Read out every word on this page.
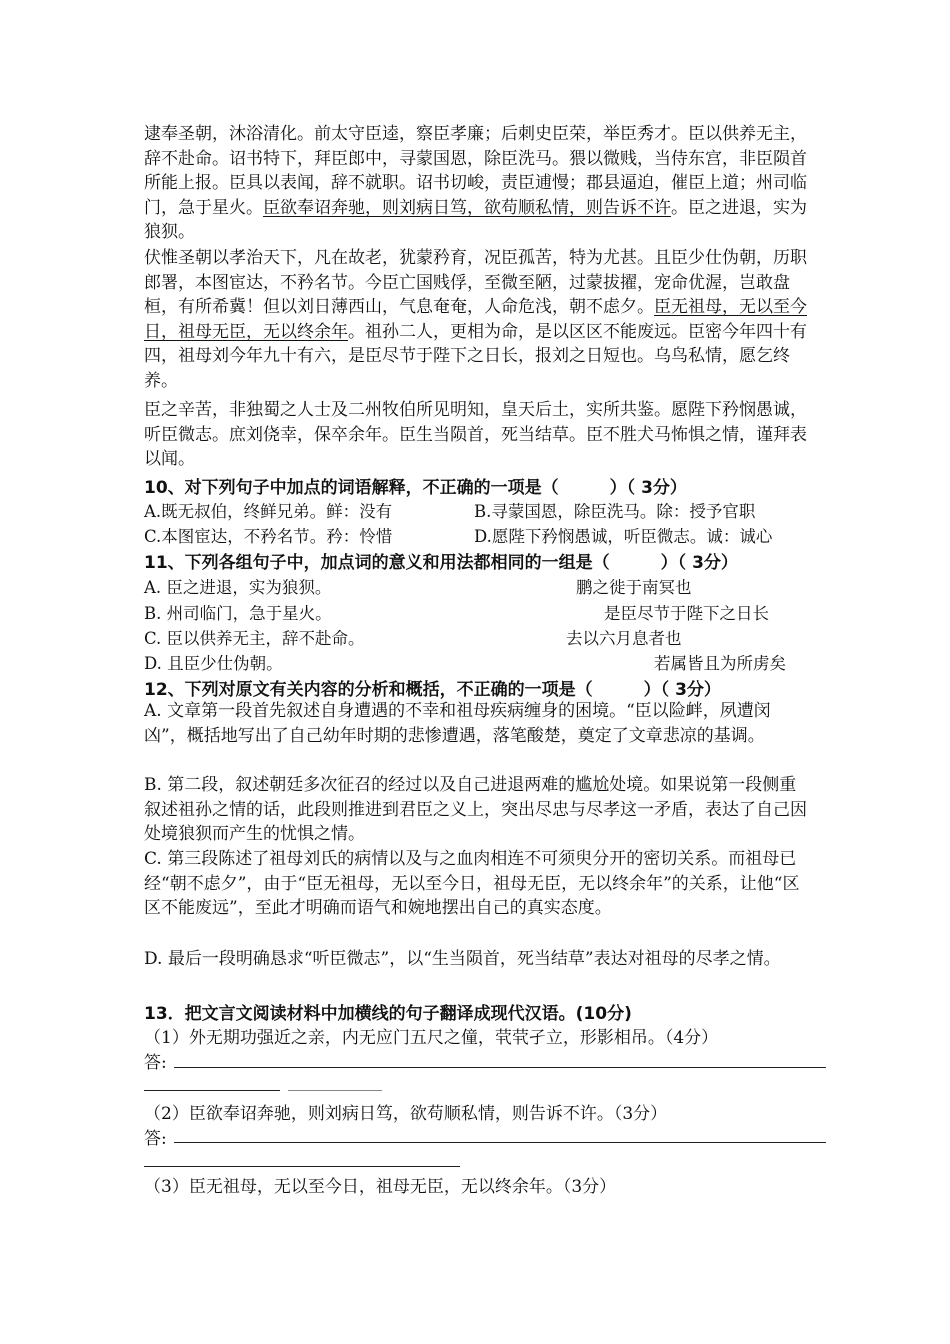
逮奉圣朝，沐浴清化。前太守臣逵，察臣孝廉；后刺史臣荣，举臣秀才。臣以供养无主，辞不赴命。诏书特下，拜臣郎中，寻蒙国恩，除臣洗马。猥以微贱，当侍东宫，非臣陨首所能上报。臣具以表闻，辞不就职。诏书切峻，责臣逋慢；郡县逼迫，催臣上道；州司临门，急于星火。臣欲奉诏奔驰，则刘病日笃，欲苟顺私情，则告诉不许。臣之进退，实为狼狈。
伏惟圣朝以孝治天下，凡在故老，犹蒙矜育，况臣孤苦，特为尤甚。且臣少仕伪朝，历职郎署，本图宦达，不矜名节。今臣亡国贱俘，至微至陋，过蒙拔擢，宠命优渥，岂敢盘桓，有所希冀！但以刘日薄西山，气息奄奄，人命危浅，朝不虑夕。臣无祖母，无以至今日，祖母无臣，无以终余年。祖孙二人，更相为命，是以区区不能废远。臣密今年四十有四，祖母刘今年九十有六，是臣尽节于陛下之日长，报刘之日短也。乌鸟私情，愿乞终养。
臣之辛苦，非独蜀之人士及二州牧伯所见明知，皇天后土，实所共鉴。愿陛下矜悯愚诚，听臣微志。庶刘侥幸，保卒余年。臣生当陨首，死当结草。臣不胜犬马怖惧之情，谨拜表以闻。
10、对下列句子中加点的词语解释，不正确的一项是（　　　）（ 3分）
A.既无叔伯，终鲜兄弟。鲜：没有	B.寻蒙国恩，除臣洗马。除：授予官职
C.本图宦达，不矜名节。矜：怜惜	D.愿陛下矜悯愚诚，听臣微志。诚：诚心
11、下列各组句子中，加点词的意义和用法都相同的一组是（　　　）（ 3分）
A. 臣之进退，实为狼狈。	鹏之徙于南冥也
B. 州司临门，急于星火。	是臣尽节于陛下之日长
C. 臣以供养无主，辞不赴命。	去以六月息者也
D. 且臣少仕伪朝。	若属皆且为所虏矣
12、下列对原文有关内容的分析和概括，不正确的一项是（　　　）（ 3分）
A. 文章第一段首先叙述自身遭遇的不幸和祖母疾病缠身的困境。“臣以险衅，夙遭闵凶”，概括地写出了自己幼年时期的悲惨遭遇，落笔酸楚，奠定了文章悲凉的基调。
B. 第二段，叙述朝廷多次征召的经过以及自己进退两难的尴尬处境。如果说第一段侧重叙述祖孙之情的话，此段则推进到君臣之义上，突出尽忠与尽孝这一矛盾，表达了自己因处境狼狈而产生的忧惧之情。
C. 第三段陈述了祖母刘氏的病情以及与之血肉相连不可须臾分开的密切关系。而祖母已经“朝不虑夕”，由于“臣无祖母，无以至今日，祖母无臣，无以终余年”的关系，让他“区区不能废远”，至此才明确而语气和婉地摆出自己的真实态度。
D. 最后一段明确恳求“听臣微志”，以“生当陨首，死当结草”表达对祖母的尽孝之情。
13．把文言文阅读材料中加横线的句子翻译成现代汉语。(10分)
（1）外无期功强近之亲，内无应门五尺之僮，茕茕孑立，形影相吊。（4分）
答:
（2）臣欲奉诏奔驰，则刘病日笃，欲苟顺私情，则告诉不许。（3分）
答:
（3）臣无祖母，无以至今日，祖母无臣，无以终余年。（3分）
